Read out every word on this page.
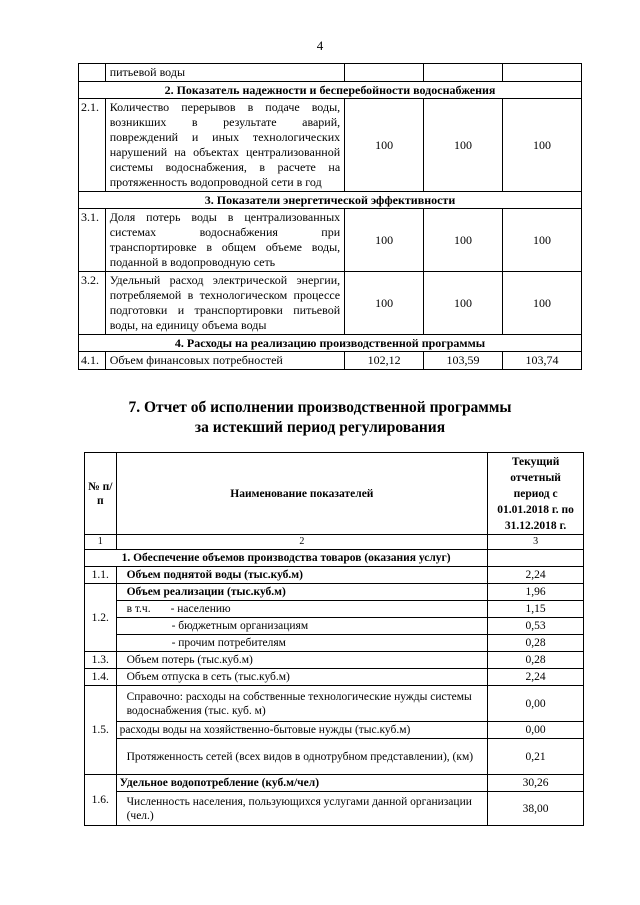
4
	питьевой воды			
2. Показатель надежности и бесперебойности водоснабжения				
2.1.	Количество перерывов в подаче воды, возникших в результате аварий, повреждений и иных технологических нарушений на объектах централизованной системы водоснабжения, в расчете на протяженность водопроводной сети в год	100	100	100
3. Показатели энергетической эффективности				
3.1.	Доля потерь воды в централизованных системах водоснабжения при транспортировке в общем объеме воды, поданной в водопроводную сеть	100	100	100
3.2.	Удельный расход электрической энергии, потребляемой в технологическом процессе подготовки и транспортировки питьевой воды, на единицу объема воды	100	100	100
4. Расходы на реализацию производственной программы				
4.1.	Объем финансовых потребностей	102,12	103,59	103,74
7. Отчет об исполнении производственной программы
за истекший период регулирования
№ п/п	Наименование показателей	Текущий отчетный период с 01.01.2018 г. по 31.12.2018 г.
1	2	3
1. Обеспечение объемов производства товаров (оказания услуг)		
1.1.	Объем поднятой воды (тыс.куб.м)	2,24
1.2.	Объем реализации (тыс.куб.м)	1,96
	в т.ч. - населению	1,15
	- бюджетным организациям	0,53
	- прочим потребителям	0,28
1.3.	Объем потерь (тыс.куб.м)	0,28
1.4.	Объем отпуска в сеть (тыс.куб.м)	2,24
1.5.	Справочно: расходы на собственные технологические нужды системы водоснабжения (тыс. куб. м)	0,00
	расходы воды на хозяйственно-бытовые нужды (тыс.куб.м)	0,00
	Протяженность сетей (всех видов в однотрубном представлении), (км)	0,21
1.6.	Удельное водопотребление (куб.м/чел)	30,26
	Численность населения, пользующихся услугами данной организации (чел.)	38,00
